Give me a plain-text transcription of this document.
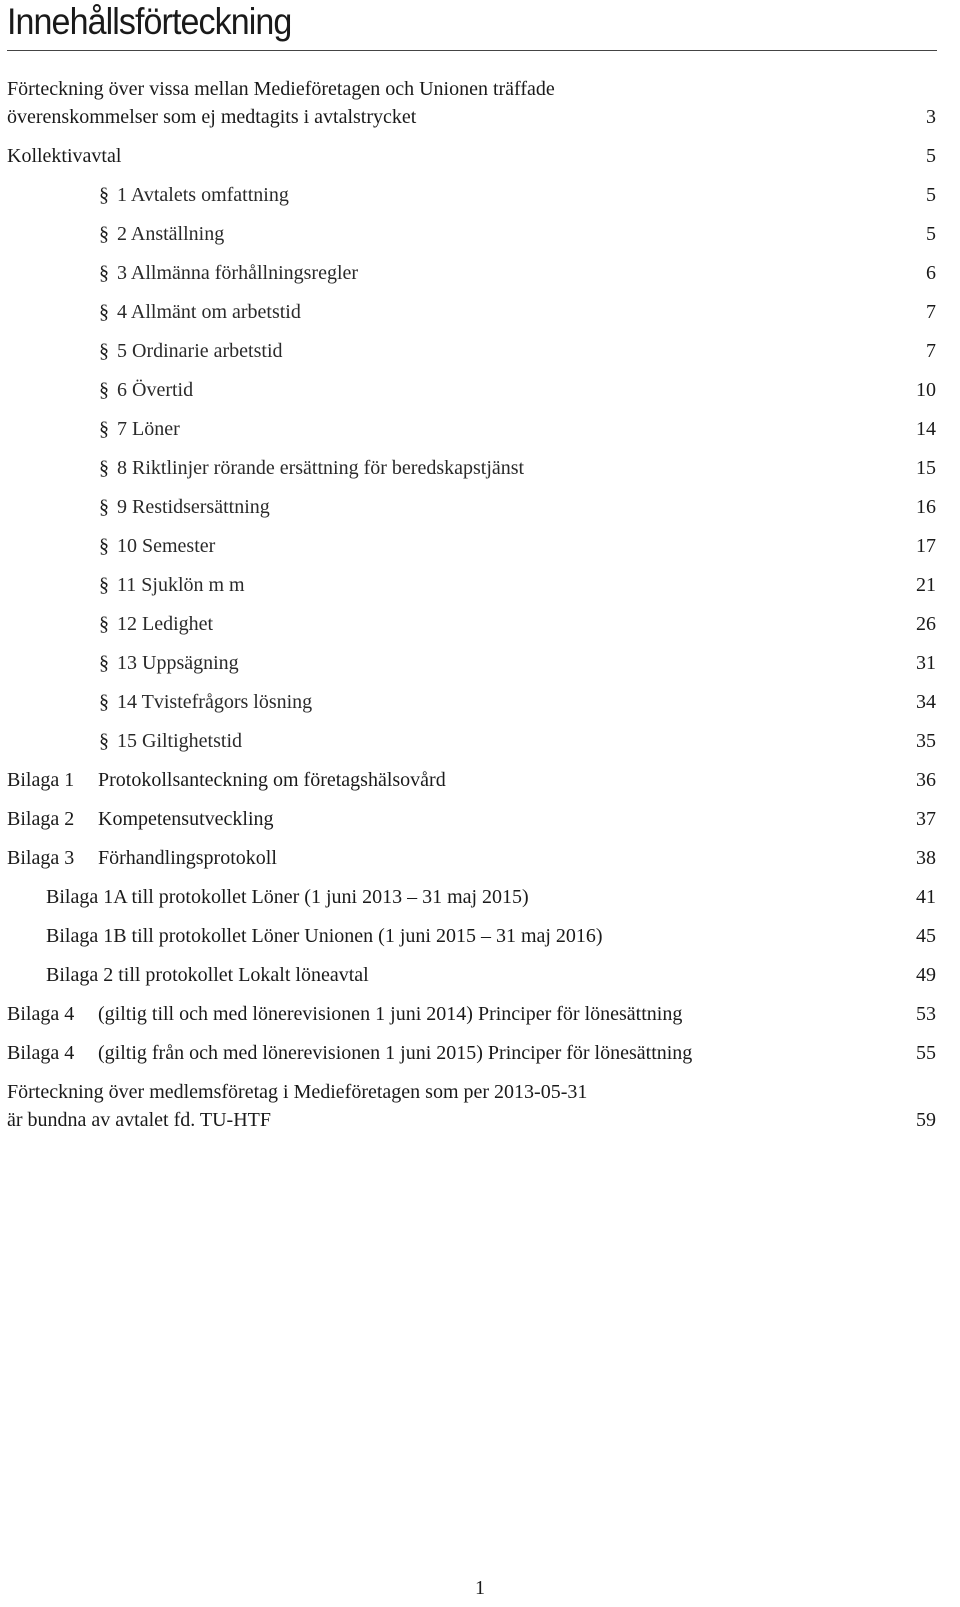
Innehållsförteckning
Förteckning över vissa mellan Medieföretagen och Unionen träffade
överenskommelser som ej medtagits i avtalstrycket	3
Kollektivavtal	5
§ 1 Avtalets omfattning	5
§ 2 Anställning	5
§ 3 Allmänna förhållningsregler	6
§ 4 Allmänt om arbetstid	7
§ 5 Ordinarie arbetstid	7
§ 6 Övertid	10
§ 7 Löner	14
§ 8 Riktlinjer rörande ersättning för beredskapstjänst	15
§ 9 Restidsersättning	16
§ 10 Semester	17
§ 11 Sjuklön m m	21
§ 12 Ledighet	26
§ 13 Uppsägning	31
§ 14 Tvistefrågors lösning	34
§ 15 Giltighetstid	35
Bilaga 1 Protokollsanteckning om företagshälsovård	36
Bilaga 2 Kompetensutveckling	37
Bilaga 3 Förhandlingsprotokoll	38
Bilaga 1A till protokollet Löner (1 juni 2013 – 31 maj 2015)	41
Bilaga 1B till protokollet Löner Unionen (1 juni 2015 – 31 maj 2016)	45
Bilaga 2 till protokollet Lokalt löneavtal	49
Bilaga 4 (giltig till och med lönerevisionen 1 juni 2014) Principer för lönesättning	53
Bilaga 4 (giltig från och med lönerevisionen 1 juni 2015) Principer för lönesättning	55
Förteckning över medlemsföretag i Medieföretagen som per 2013-05-31
är bundna av avtalet fd. TU-HTF	59
1
